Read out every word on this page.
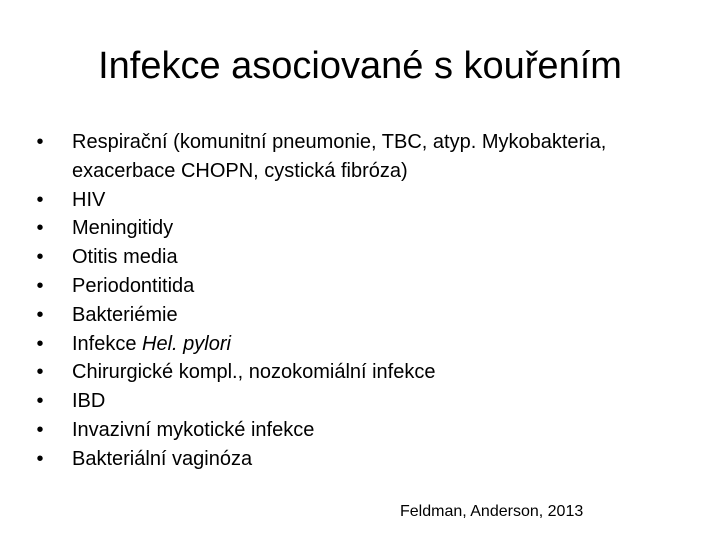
Infekce asociované s kouřením
•	Respirační (komunitní pneumonie, TBC, atyp. Mykobakteria, exacerbace CHOPN, cystická fibróza)
•	HIV
•	Meningitidy
•	Otitis media
•	Periodontitida
•	Bakteriémie
•	Infekce Hel. pylori
•	Chirurgické kompl., nozokomiální infekce
•	IBD
•	Invazivní mykotické infekce
•	Bakteriální vaginóza
Feldman, Anderson, 2013
